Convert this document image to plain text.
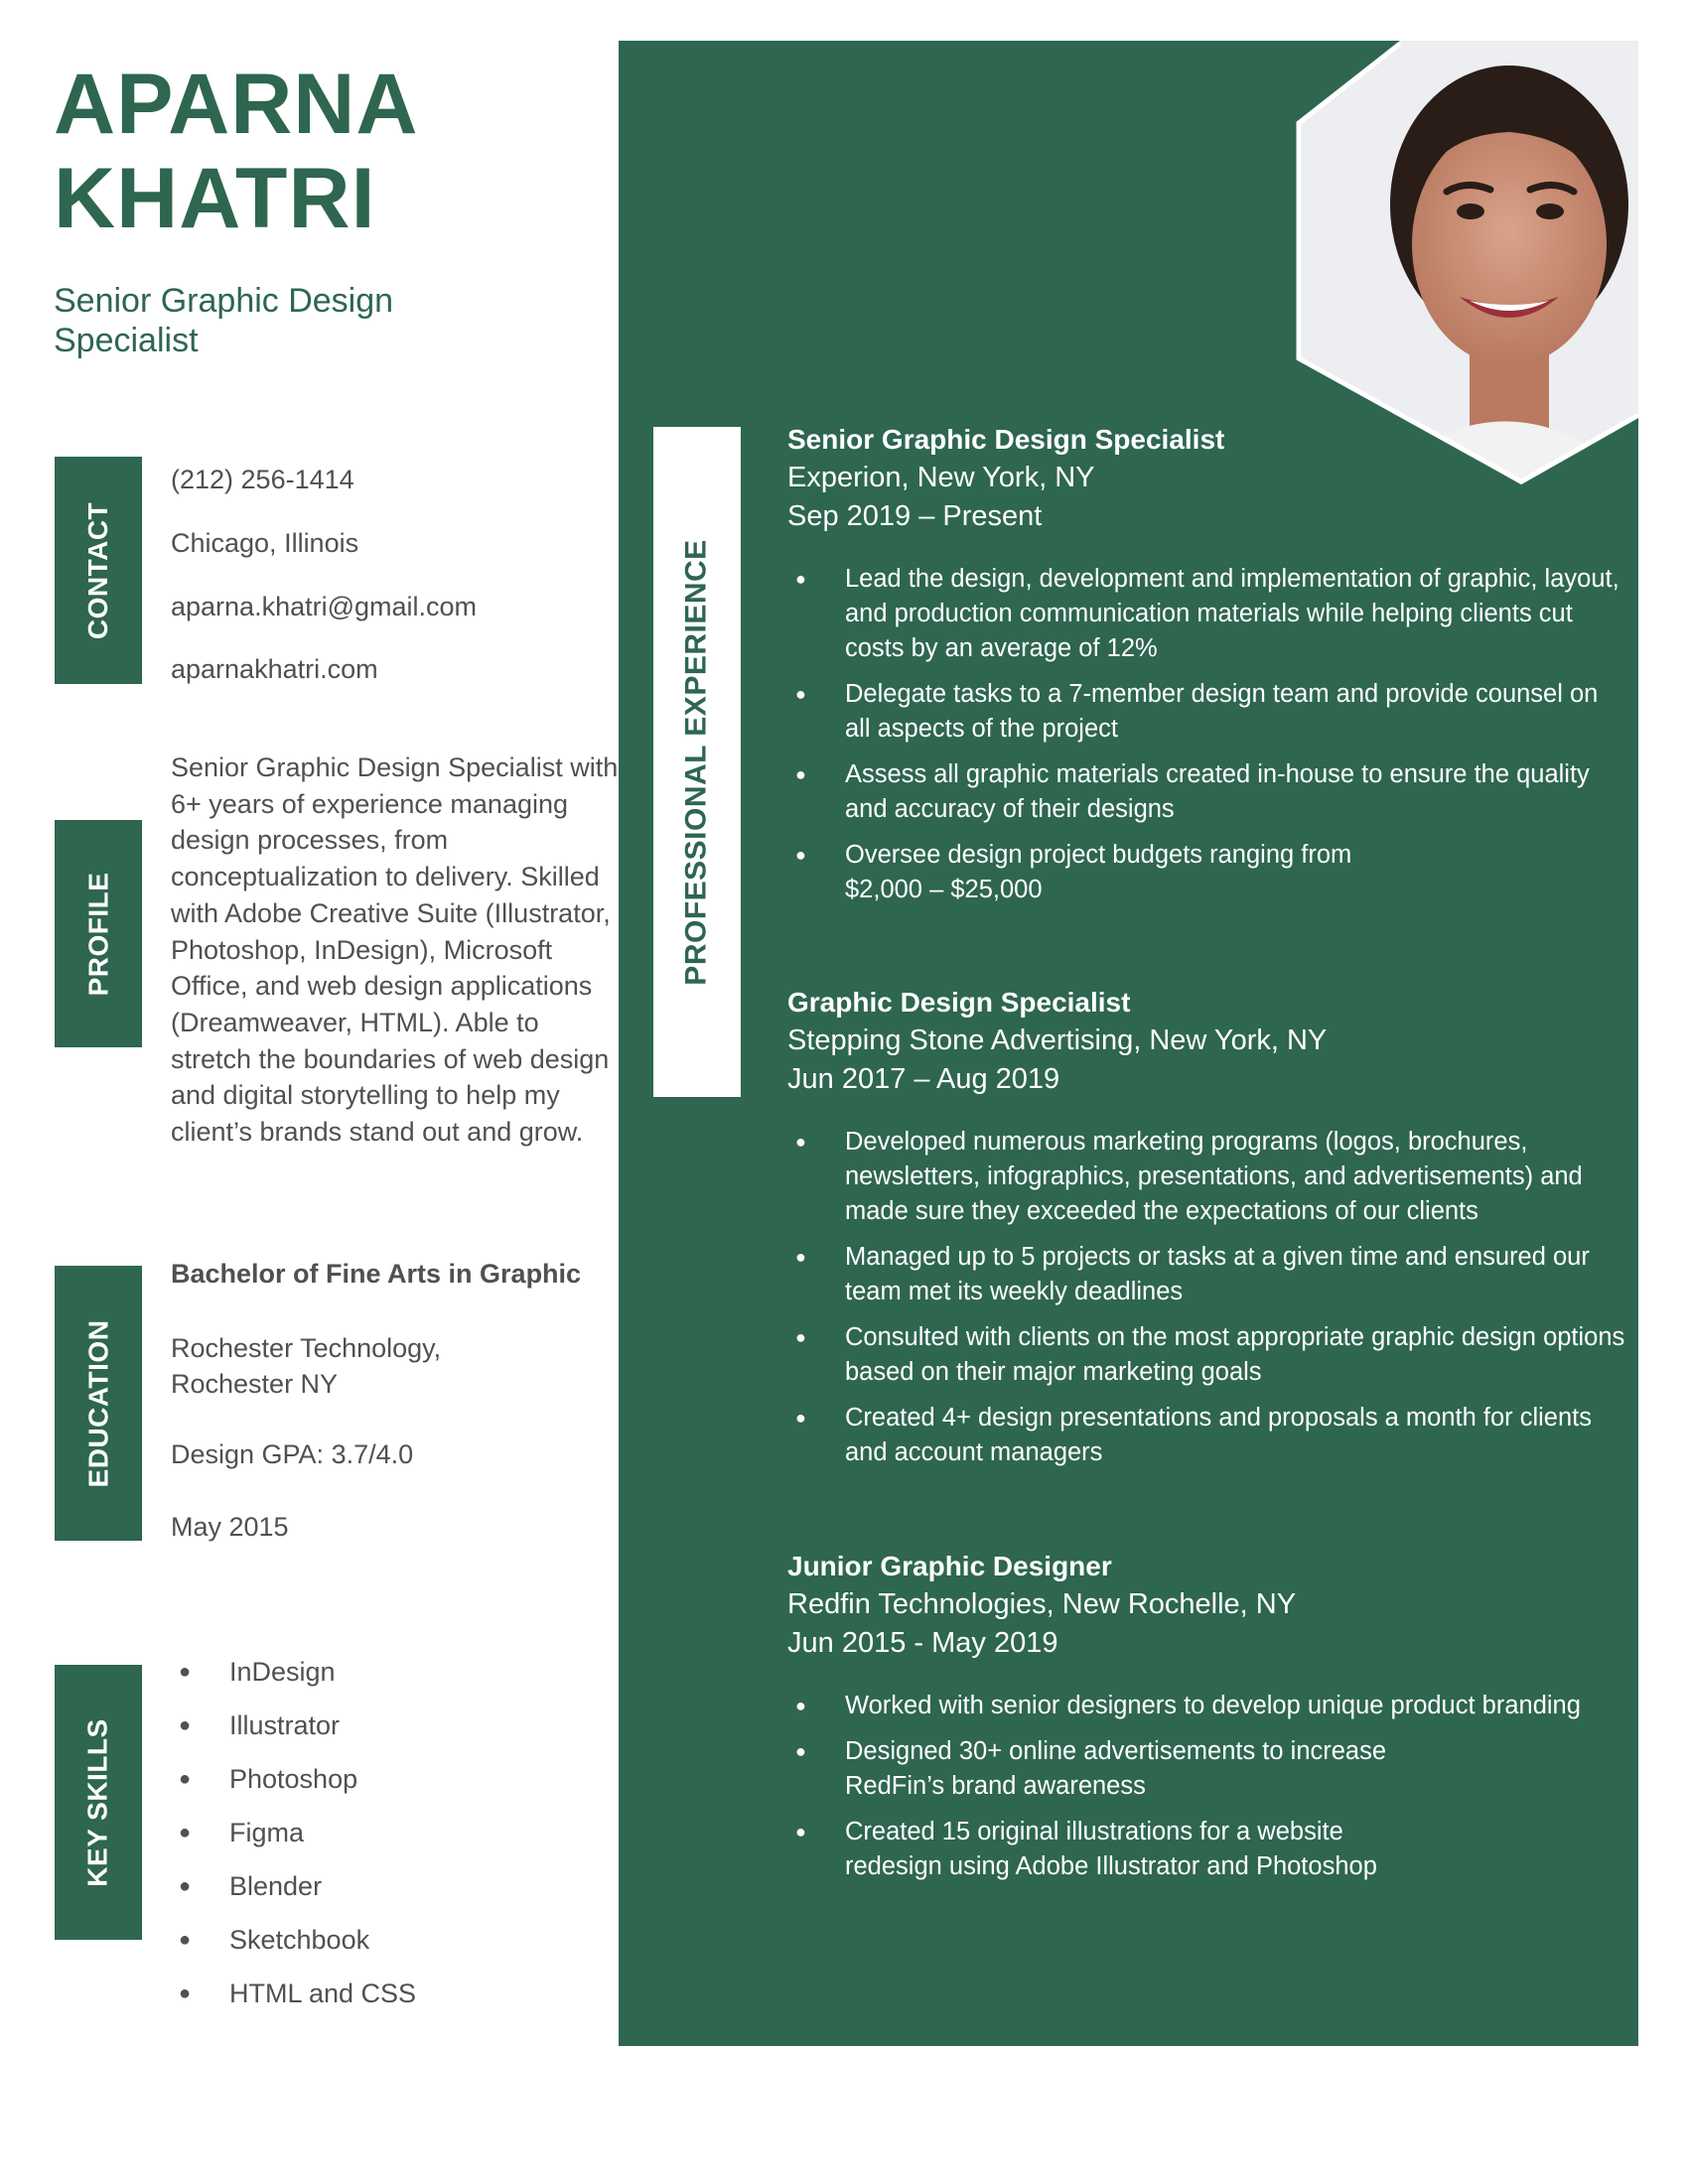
APARNA
KHATRI

Senior Graphic Design Specialist

CONTACT
(212) 256-1414
Chicago, Illinois
aparna.khatri@gmail.com
aparnakhatri.com
PROFILE
Senior Graphic Design Specialist with 6+ years of experience managing design processes, from conceptualization to delivery. Skilled with Adobe Creative Suite (Illustrator, Photoshop, InDesign), Microsoft Office, and web design applications (Dreamweaver, HTML). Able to stretch the boundaries of web design and digital storytelling to help my client’s brands stand out and grow.
EDUCATION
Bachelor of Fine Arts in Graphic
Rochester Technology, Rochester NY
Design GPA: 3.7/4.0
May 2015
KEY SKILLS
● InDesign
● Illustrator
● Photoshop
● Figma
● Blender
● Sketchbook
● HTML and CSS
PROFESSIONAL EXPERIENCE
Senior Graphic Design Specialist
Experion, New York, NY
Sep 2019 – Present
● Lead the design, development and implementation of graphic, layout, and production communication materials while helping clients cut costs by an average of 12%
● Delegate tasks to a 7-member design team and provide counsel on all aspects of the project
● Assess all graphic materials created in-house to ensure the quality and accuracy of their designs
● Oversee design project budgets ranging from $2,000 – $25,000
Graphic Design Specialist
Stepping Stone Advertising, New York, NY
Jun 2017 – Aug 2019
● Developed numerous marketing programs (logos, brochures, newsletters, infographics, presentations, and advertisements) and made sure they exceeded the expectations of our clients
● Managed up to 5 projects or tasks at a given time and ensured our team met its weekly deadlines
● Consulted with clients on the most appropriate graphic design options based on their major marketing goals
● Created 4+ design presentations and proposals a month for clients and account managers
Junior Graphic Designer
Redfin Technologies, New Rochelle, NY
Jun 2015 - May 2019
● Worked with senior designers to develop unique product branding
● Designed 30+ online advertisements to increase RedFin’s brand awareness
● Created 15 original illustrations for a website redesign using Adobe Illustrator and Photoshop
